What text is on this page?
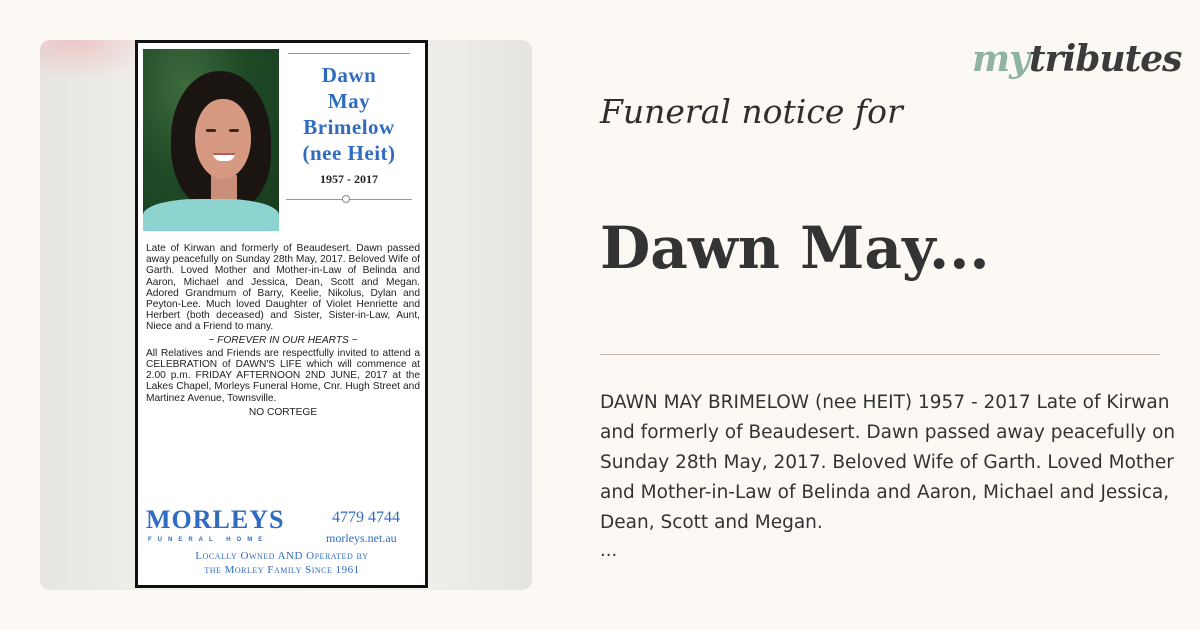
Dawn
May
Brimelow
(nee Heit)
1957 - 2017

Late of Kirwan and formerly of Beaudesert. Dawn passed away peacefully on Sunday 28th May, 2017. Beloved Wife of Garth. Loved Mother and Mother-in-Law of Belinda and Aaron, Michael and Jessica, Dean, Scott and Megan. Adored Grandmum of Barry, Keelie, Nikolus, Dylan and Peyton-Lee. Much loved Daughter of Violet Henriette and Herbert (both deceased) and Sister, Sister-in-Law, Aunt, Niece and a Friend to many.

~ FOREVER IN OUR HEARTS ~

All Relatives and Friends are respectfully invited to attend a CELEBRATION of DAWN'S LIFE which will commence at 2.00 p.m. FRIDAY AFTERNOON 2ND JUNE, 2017 at the Lakes Chapel, Morleys Funeral Home, Cnr. Hugh Street and Martinez Avenue, Townsville.

NO CORTEGE

MORLEYS
FUNERAL HOME
4779 4744
morleys.net.au
Locally Owned AND Operated by
the Morley Family Since 1961
mytributes
Funeral notice for
Dawn May...
DAWN MAY BRIMELOW (nee HEIT) 1957 - 2017 Late of Kirwan and formerly of Beaudesert. Dawn passed away peacefully on Sunday 28th May, 2017. Beloved Wife of Garth. Loved Mother and Mother-in-Law of Belinda and Aaron, Michael and Jessica, Dean, Scott and Megan.
...
